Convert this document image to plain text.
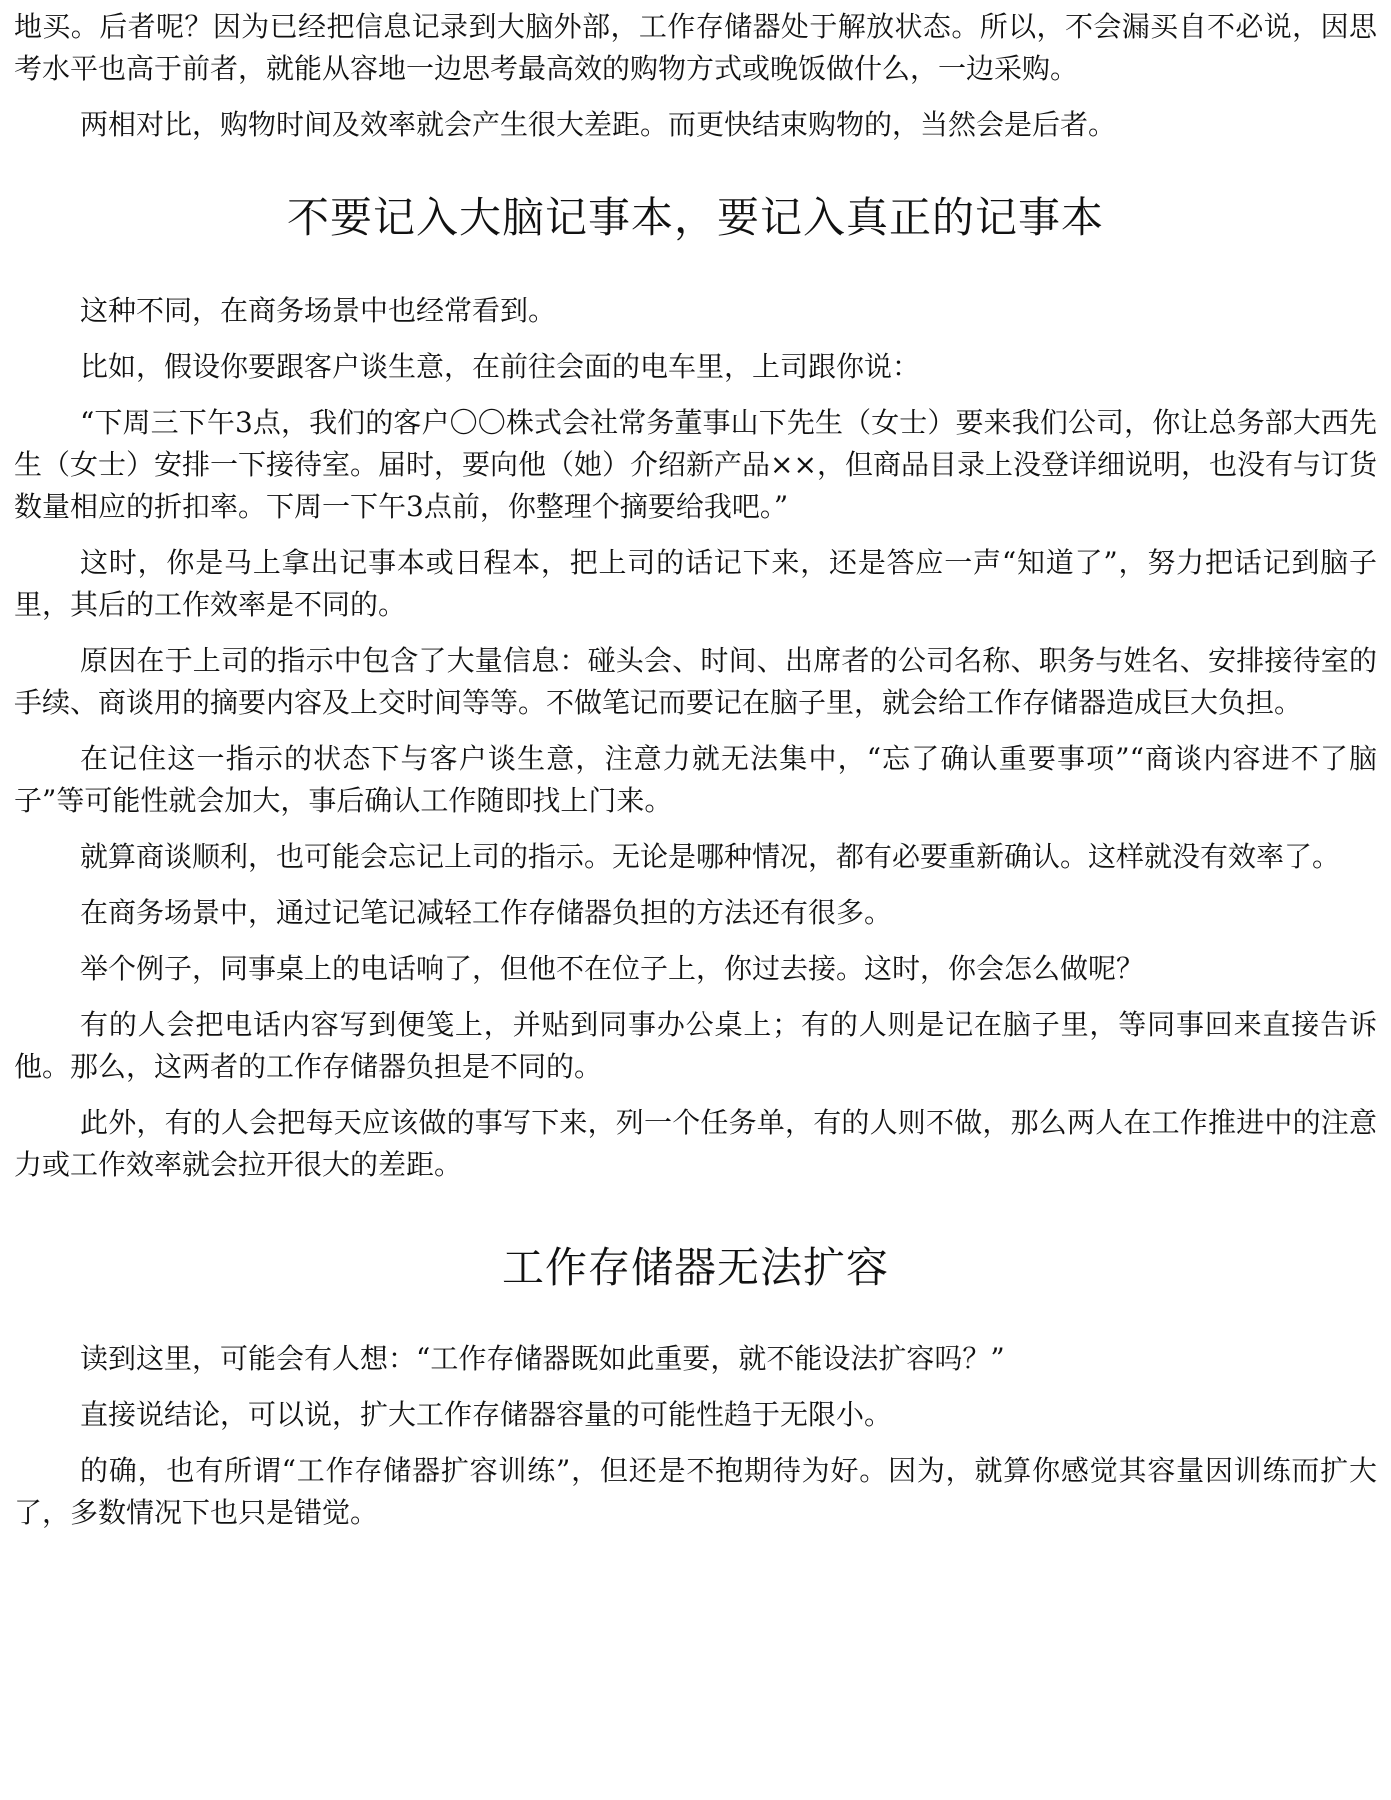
地买。后者呢？因为已经把信息记录到大脑外部，工作存储器处于解放状态。所以，不会漏买自不必说，因思考水平也高于前者，就能从容地一边思考最高效的购物方式或晚饭做什么，一边采购。

两相对比，购物时间及效率就会产生很大差距。而更快结束购物的，当然会是后者。

不要记入大脑记事本，要记入真正的记事本

这种不同，在商务场景中也经常看到。

比如，假设你要跟客户谈生意，在前往会面的电车里，上司跟你说：

“下周三下午3点，我们的客户〇〇株式会社常务董事山下先生（女士）要来我们公司，你让总务部大西先生（女士）安排一下接待室。届时，要向他（她）介绍新产品××，但商品目录上没登详细说明，也没有与订货数量相应的折扣率。下周一下午3点前，你整理个摘要给我吧。”

这时，你是马上拿出记事本或日程本，把上司的话记下来，还是答应一声“知道了”，努力把话记到脑子里，其后的工作效率是不同的。

原因在于上司的指示中包含了大量信息：碰头会、时间、出席者的公司名称、职务与姓名、安排接待室的手续、商谈用的摘要内容及上交时间等等。不做笔记而要记在脑子里，就会给工作存储器造成巨大负担。

在记住这一指示的状态下与客户谈生意，注意力就无法集中，“忘了确认重要事项”“商谈内容进不了脑子”等可能性就会加大，事后确认工作随即找上门来。

就算商谈顺利，也可能会忘记上司的指示。无论是哪种情况，都有必要重新确认。这样就没有效率了。

在商务场景中，通过记笔记减轻工作存储器负担的方法还有很多。

举个例子，同事桌上的电话响了，但他不在位子上，你过去接。这时，你会怎么做呢？

有的人会把电话内容写到便笺上，并贴到同事办公桌上；有的人则是记在脑子里，等同事回来直接告诉他。那么，这两者的工作存储器负担是不同的。

此外，有的人会把每天应该做的事写下来，列一个任务单，有的人则不做，那么两人在工作推进中的注意力或工作效率就会拉开很大的差距。

工作存储器无法扩容

读到这里，可能会有人想：“工作存储器既如此重要，就不能设法扩容吗？”

直接说结论，可以说，扩大工作存储器容量的可能性趋于无限小。

的确，也有所谓“工作存储器扩容训练”，但还是不抱期待为好。因为，就算你感觉其容量因训练而扩大了，多数情况下也只是错觉。
